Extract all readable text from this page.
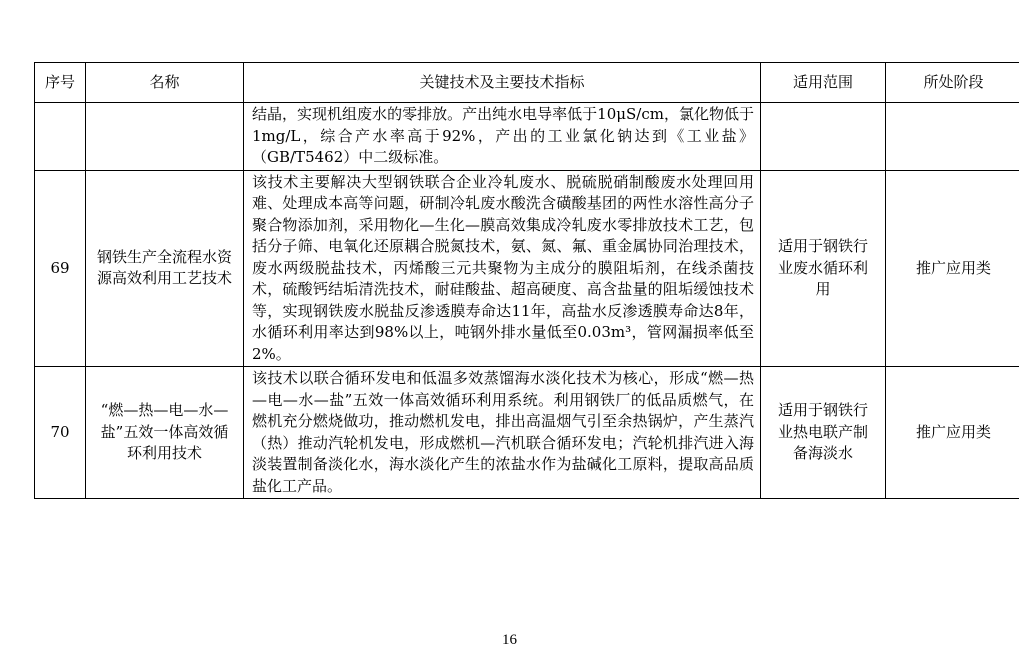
序号	名称	关键技术及主要技术指标	适用范围	所处阶段
		结晶，实现机组废水的零排放。产出纯水电导率低于10μS/cm，氯化物低于1mg/L，综合产水率高于92%，产出的工业氯化钠达到《工业盐》（GB/T5462）中二级标准。		
69	钢铁生产全流程水资源高效利用工艺技术	该技术主要解决大型钢铁联合企业冷轧废水、脱硫脱硝制酸废水处理回用难、处理成本高等问题，研制冷轧废水酸洗含磺酸基团的两性水溶性高分子聚合物添加剂，采用物化—生化—膜高效集成冷轧废水零排放技术工艺，包括分子筛、电氧化还原耦合脱氮技术，氨、氮、氟、重金属协同治理技术，废水两级脱盐技术，丙烯酸三元共聚物为主成分的膜阻垢剂，在线杀菌技术，硫酸钙结垢清洗技术，耐硅酸盐、超高硬度、高含盐量的阻垢缓蚀技术等，实现钢铁废水脱盐反渗透膜寿命达11年，高盐水反渗透膜寿命达8年，水循环利用率达到98%以上，吨钢外排水量低至0.03m³，管网漏损率低至2%。	适用于钢铁行业废水循环利用	推广应用类
70	“燃—热—电—水—盐”五效一体高效循环利用技术	该技术以联合循环发电和低温多效蒸馏海水淡化技术为核心，形成“燃—热—电—水—盐”五效一体高效循环利用系统。利用钢铁厂的低品质燃气，在燃机充分燃烧做功，推动燃机发电，排出高温烟气引至余热锅炉，产生蒸汽（热）推动汽轮机发电，形成燃机—汽机联合循环发电；汽轮机排汽进入海淡装置制备淡化水，海水淡化产生的浓盐水作为盐碱化工原料，提取高品质盐化工产品。	适用于钢铁行业热电联产制备海淡水	推广应用类
16
